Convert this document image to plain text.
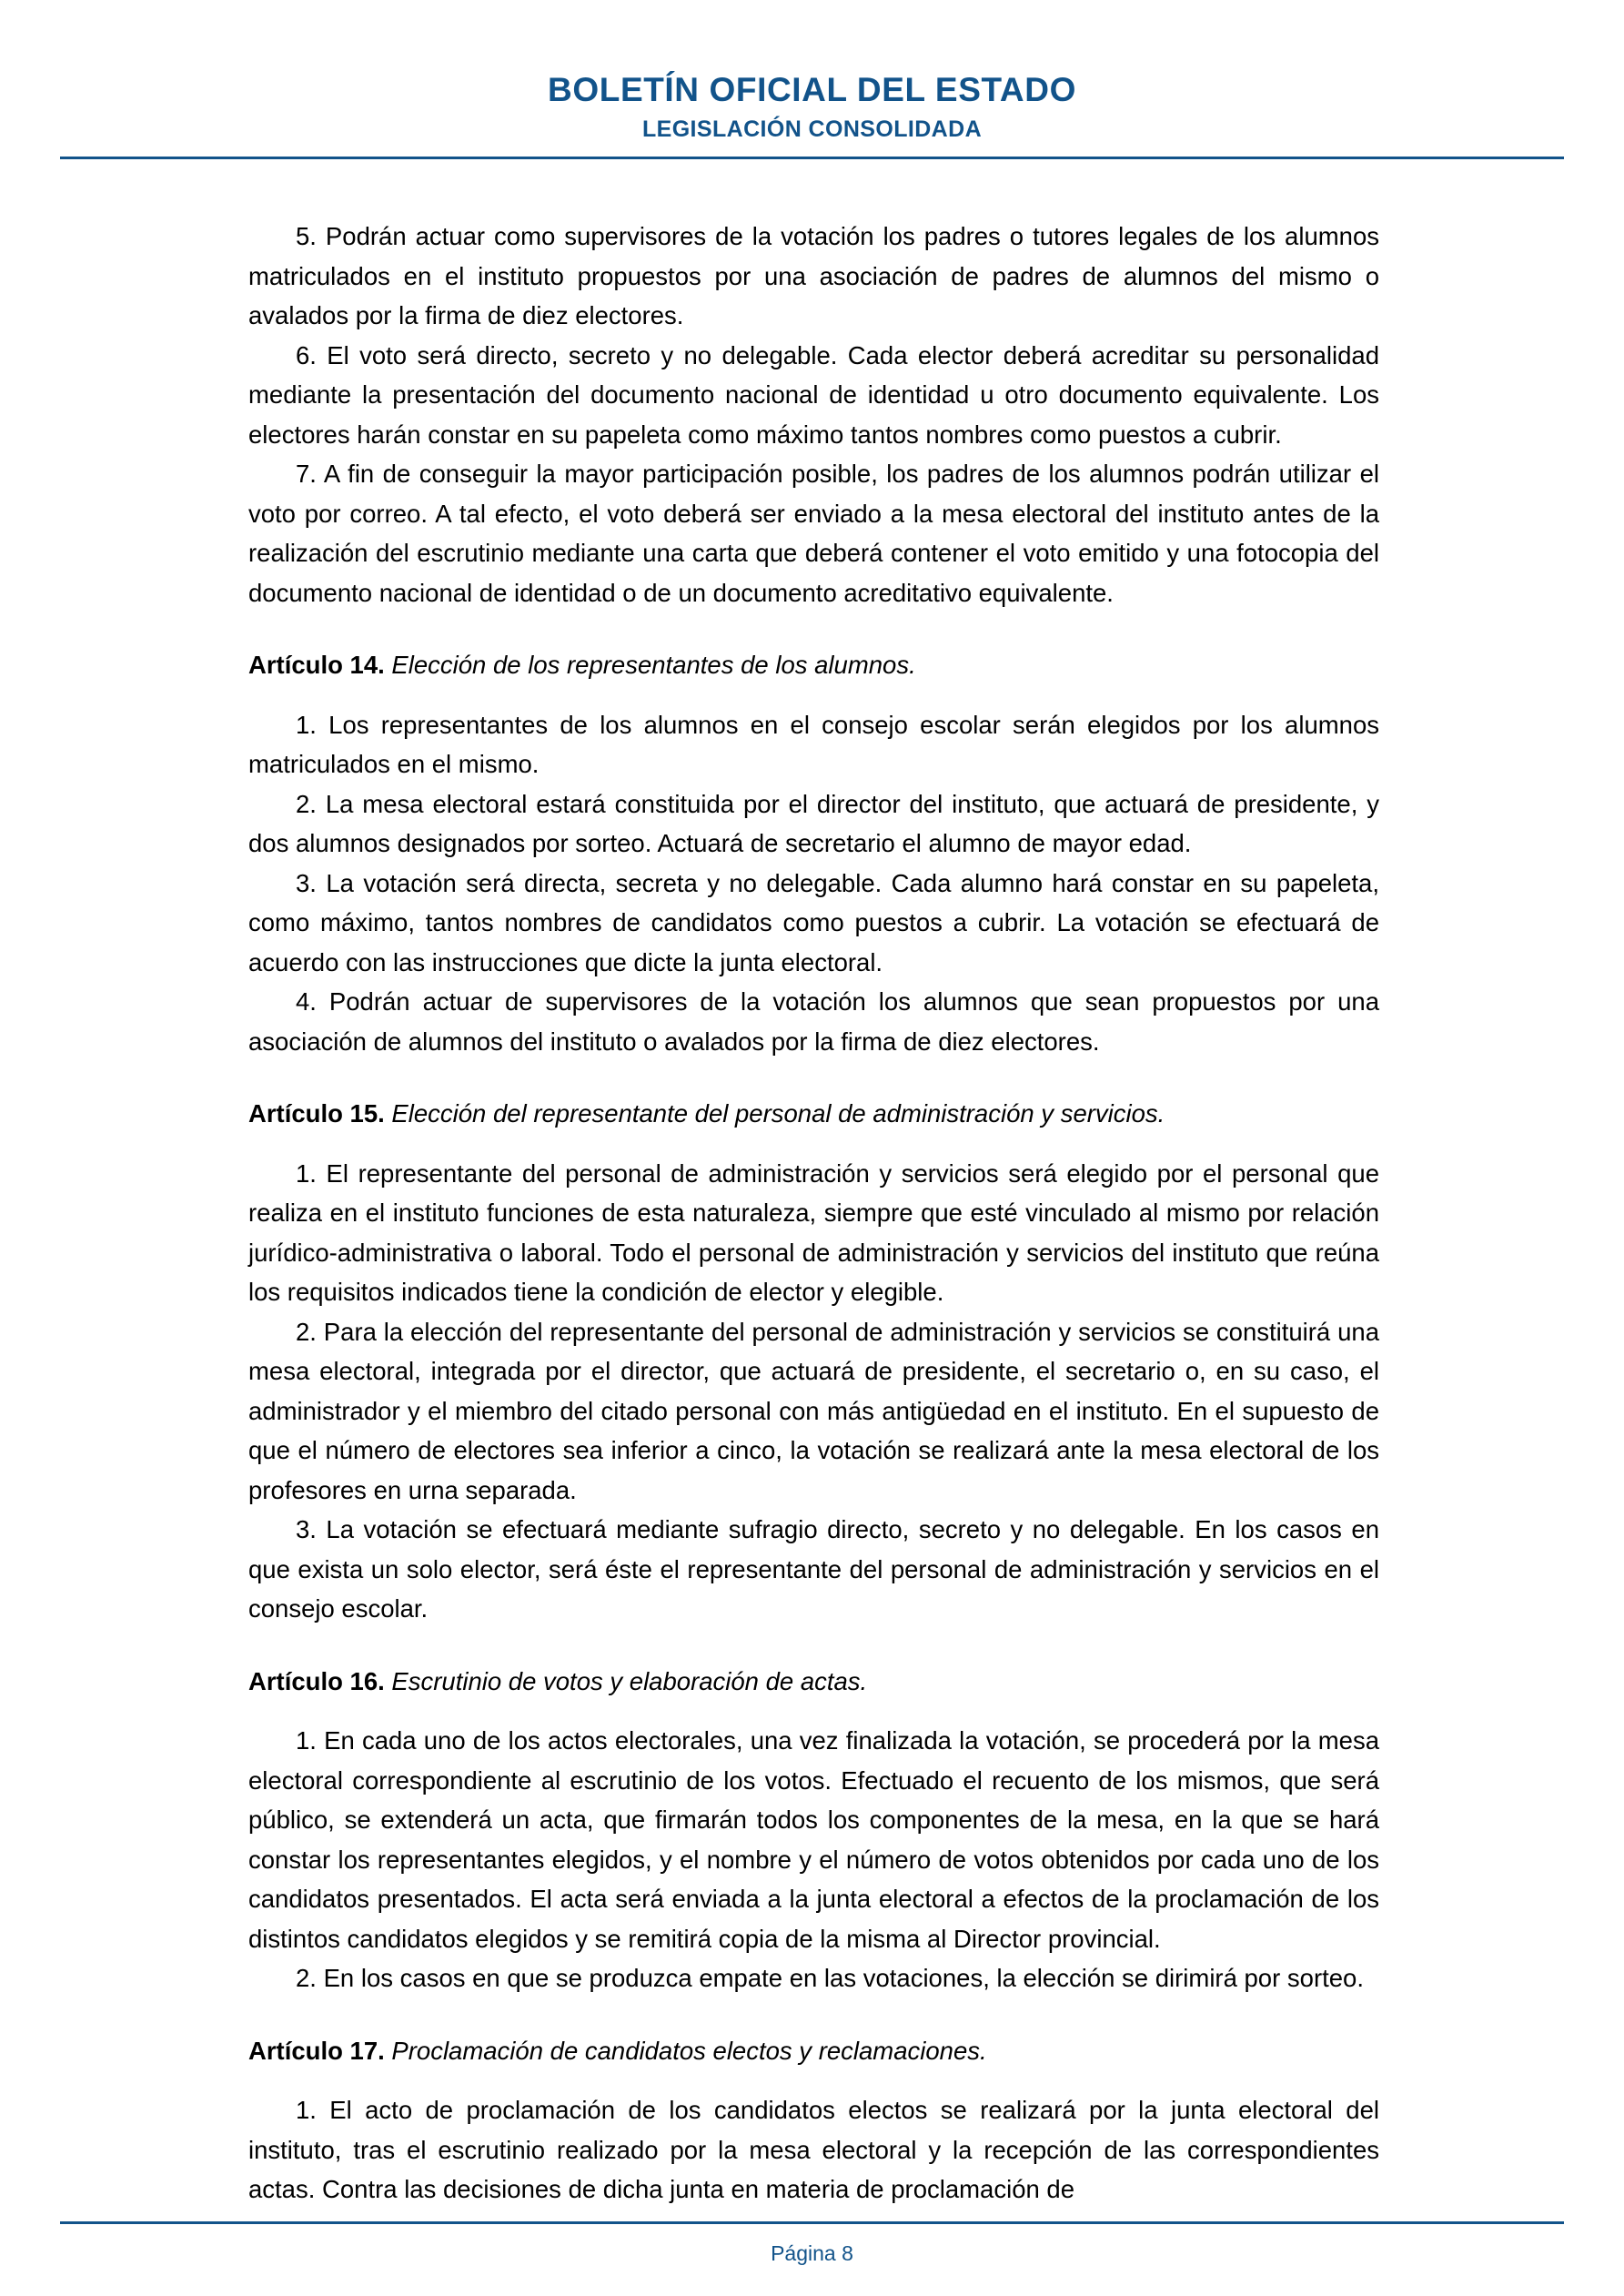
BOLETÍN OFICIAL DEL ESTADO
LEGISLACIÓN CONSOLIDADA

5. Podrán actuar como supervisores de la votación los padres o tutores legales de los alumnos matriculados en el instituto propuestos por una asociación de padres de alumnos del mismo o avalados por la firma de diez electores.

6. El voto será directo, secreto y no delegable. Cada elector deberá acreditar su personalidad mediante la presentación del documento nacional de identidad u otro documento equivalente. Los electores harán constar en su papeleta como máximo tantos nombres como puestos a cubrir.

7. A fin de conseguir la mayor participación posible, los padres de los alumnos podrán utilizar el voto por correo. A tal efecto, el voto deberá ser enviado a la mesa electoral del instituto antes de la realización del escrutinio mediante una carta que deberá contener el voto emitido y una fotocopia del documento nacional de identidad o de un documento acreditativo equivalente.

Artículo 14. Elección de los representantes de los alumnos.

1. Los representantes de los alumnos en el consejo escolar serán elegidos por los alumnos matriculados en el mismo.

2. La mesa electoral estará constituida por el director del instituto, que actuará de presidente, y dos alumnos designados por sorteo. Actuará de secretario el alumno de mayor edad.

3. La votación será directa, secreta y no delegable. Cada alumno hará constar en su papeleta, como máximo, tantos nombres de candidatos como puestos a cubrir. La votación se efectuará de acuerdo con las instrucciones que dicte la junta electoral.

4. Podrán actuar de supervisores de la votación los alumnos que sean propuestos por una asociación de alumnos del instituto o avalados por la firma de diez electores.

Artículo 15. Elección del representante del personal de administración y servicios.

1. El representante del personal de administración y servicios será elegido por el personal que realiza en el instituto funciones de esta naturaleza, siempre que esté vinculado al mismo por relación jurídico-administrativa o laboral. Todo el personal de administración y servicios del instituto que reúna los requisitos indicados tiene la condición de elector y elegible.

2. Para la elección del representante del personal de administración y servicios se constituirá una mesa electoral, integrada por el director, que actuará de presidente, el secretario o, en su caso, el administrador y el miembro del citado personal con más antigüedad en el instituto. En el supuesto de que el número de electores sea inferior a cinco, la votación se realizará ante la mesa electoral de los profesores en urna separada.

3. La votación se efectuará mediante sufragio directo, secreto y no delegable. En los casos en que exista un solo elector, será éste el representante del personal de administración y servicios en el consejo escolar.

Artículo 16. Escrutinio de votos y elaboración de actas.

1. En cada uno de los actos electorales, una vez finalizada la votación, se procederá por la mesa electoral correspondiente al escrutinio de los votos. Efectuado el recuento de los mismos, que será público, se extenderá un acta, que firmarán todos los componentes de la mesa, en la que se hará constar los representantes elegidos, y el nombre y el número de votos obtenidos por cada uno de los candidatos presentados. El acta será enviada a la junta electoral a efectos de la proclamación de los distintos candidatos elegidos y se remitirá copia de la misma al Director provincial.

2. En los casos en que se produzca empate en las votaciones, la elección se dirimirá por sorteo.

Artículo 17. Proclamación de candidatos electos y reclamaciones.

1. El acto de proclamación de los candidatos electos se realizará por la junta electoral del instituto, tras el escrutinio realizado por la mesa electoral y la recepción de las correspondientes actas. Contra las decisiones de dicha junta en materia de proclamación de

Página 8
